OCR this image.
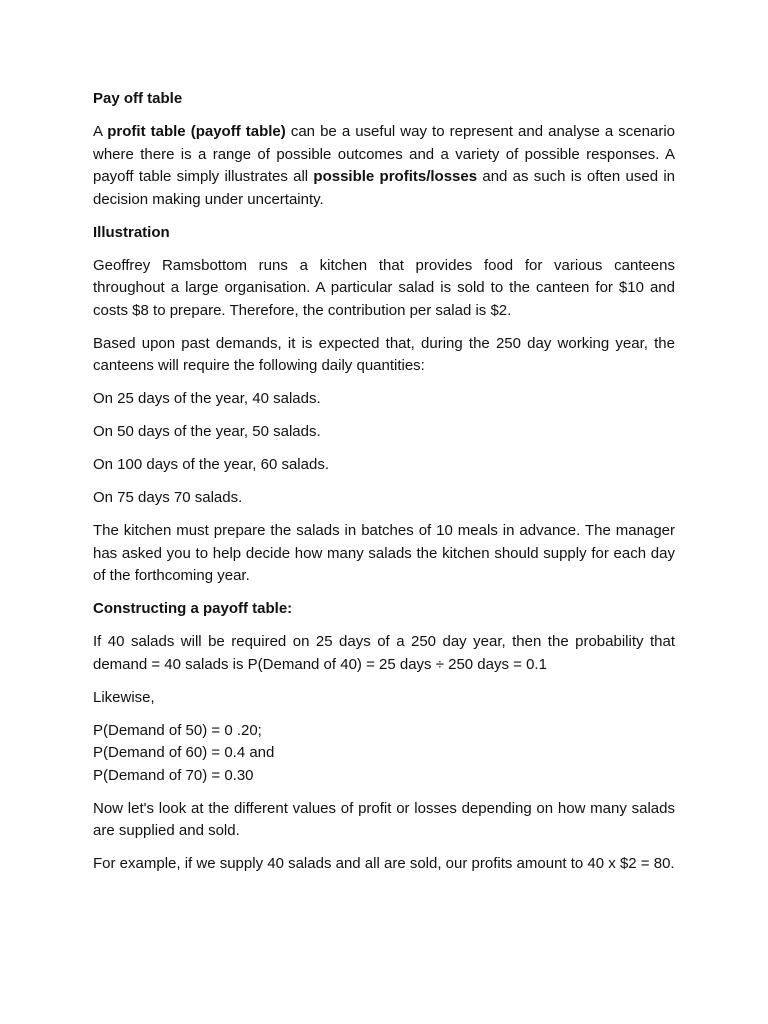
Pay off table

A profit table (payoff table) can be a useful way to represent and analyse a scenario where there is a range of possible outcomes and a variety of possible responses. A payoff table simply illustrates all possible profits/losses and as such is often used in decision making under uncertainty.

Illustration

Geoffrey Ramsbottom runs a kitchen that provides food for various canteens throughout a large organisation. A particular salad is sold to the canteen for $10 and costs $8 to prepare. Therefore, the contribution per salad is $2.

Based upon past demands, it is expected that, during the 250 day working year, the canteens will require the following daily quantities:

On 25 days of the year, 40 salads.

On 50 days of the year, 50 salads.

On 100 days of the year, 60 salads.

On 75 days 70 salads.

The kitchen must prepare the salads in batches of 10 meals in advance. The manager has asked you to help decide how many salads the kitchen should supply for each day of the forthcoming year.

Constructing a payoff table:

If 40 salads will be required on 25 days of a 250 day year, then the probability that demand = 40 salads is P(Demand of 40) = 25 days ÷ 250 days = 0.1

Likewise,

P(Demand of 50) = 0 .20;

P(Demand of 60) = 0.4 and

P(Demand of 70) = 0.30

Now let's look at the different values of profit or losses depending on how many salads are supplied and sold.

For example, if we supply 40 salads and all are sold, our profits amount to 40 x $2 = 80.
